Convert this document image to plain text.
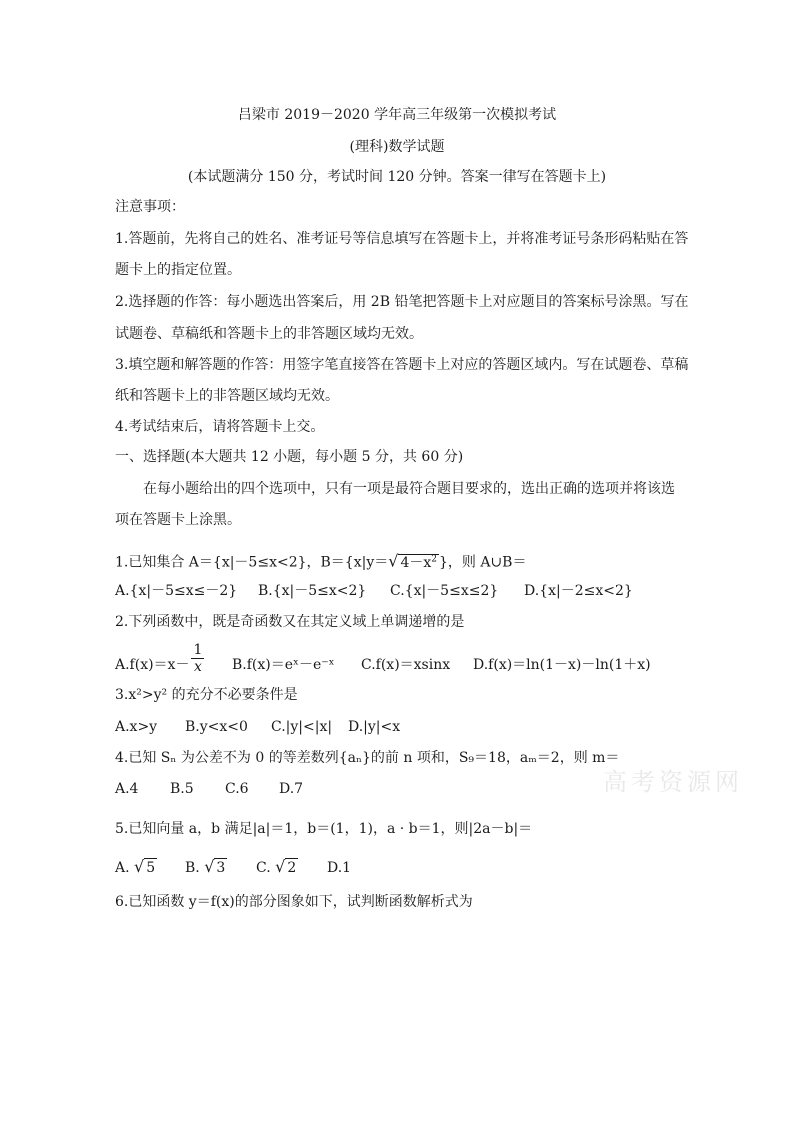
吕梁市 2019－2020 学年高三年级第一次模拟考试
(理科)数学试题
(本试题满分 150 分，考试时间 120 分钟。答案一律写在答题卡上)
注意事项：
1.答题前，先将自己的姓名、准考证号等信息填写在答题卡上，并将准考证号条形码粘贴在答
题卡上的指定位置。
2.选择题的作答：每小题选出答案后，用 2B 铅笔把答题卡上对应题目的答案标号涂黑。写在
试题卷、草稿纸和答题卡上的非答题区域均无效。
3.填空题和解答题的作答：用签字笔直接答在答题卡上对应的答题区域内。写在试题卷、草稿
纸和答题卡上的非答题区域均无效。
4.考试结束后，请将答题卡上交。
一、选择题(本大题共 12 小题，每小题 5 分，共 60 分)
在每小题给出的四个选项中，只有一项是最符合题目要求的，选出正确的选项并将该选
项在答题卡上涂黑。
1.已知集合 A＝{x|－5≤x<2}，B＝{x|y＝√ $4-x^2$ }，则 A∪B＝
A.{x|－5≤x≤－2} B.{x|－5≤x<2} C.{x|－5≤x≤2} D.{x|－2≤x<2}
2.下列函数中，既是奇函数又在其定义域上单调递增的是
$A.f(x)=x- \frac{1}{x}$ B.f(x)＝eˣ－e⁻ˣ C.f(x)＝xsinx D.f(x)＝ln(1－x)－ln(1＋x)
3.x²>y² 的充分不必要条件是
A.x>y B.y<x<0 C.|y|<|x| D.|y|<x
4.已知 Sₙ 为公差不为 0 的等差数列{aₙ}的前 n 项和，S₉＝18，aₘ＝2，则 m＝
A.4 B.5 C.6 D.7	高考资源网
5.已知向量 a，b 满足|a|＝1，b＝(1，1)，a · b＝1，则|2a－b|＝
A. √ 5 B. √ 3 C. √ 2 D.1
6.已知函数 y＝f(x)的部分图象如下，试判断函数解析式为
